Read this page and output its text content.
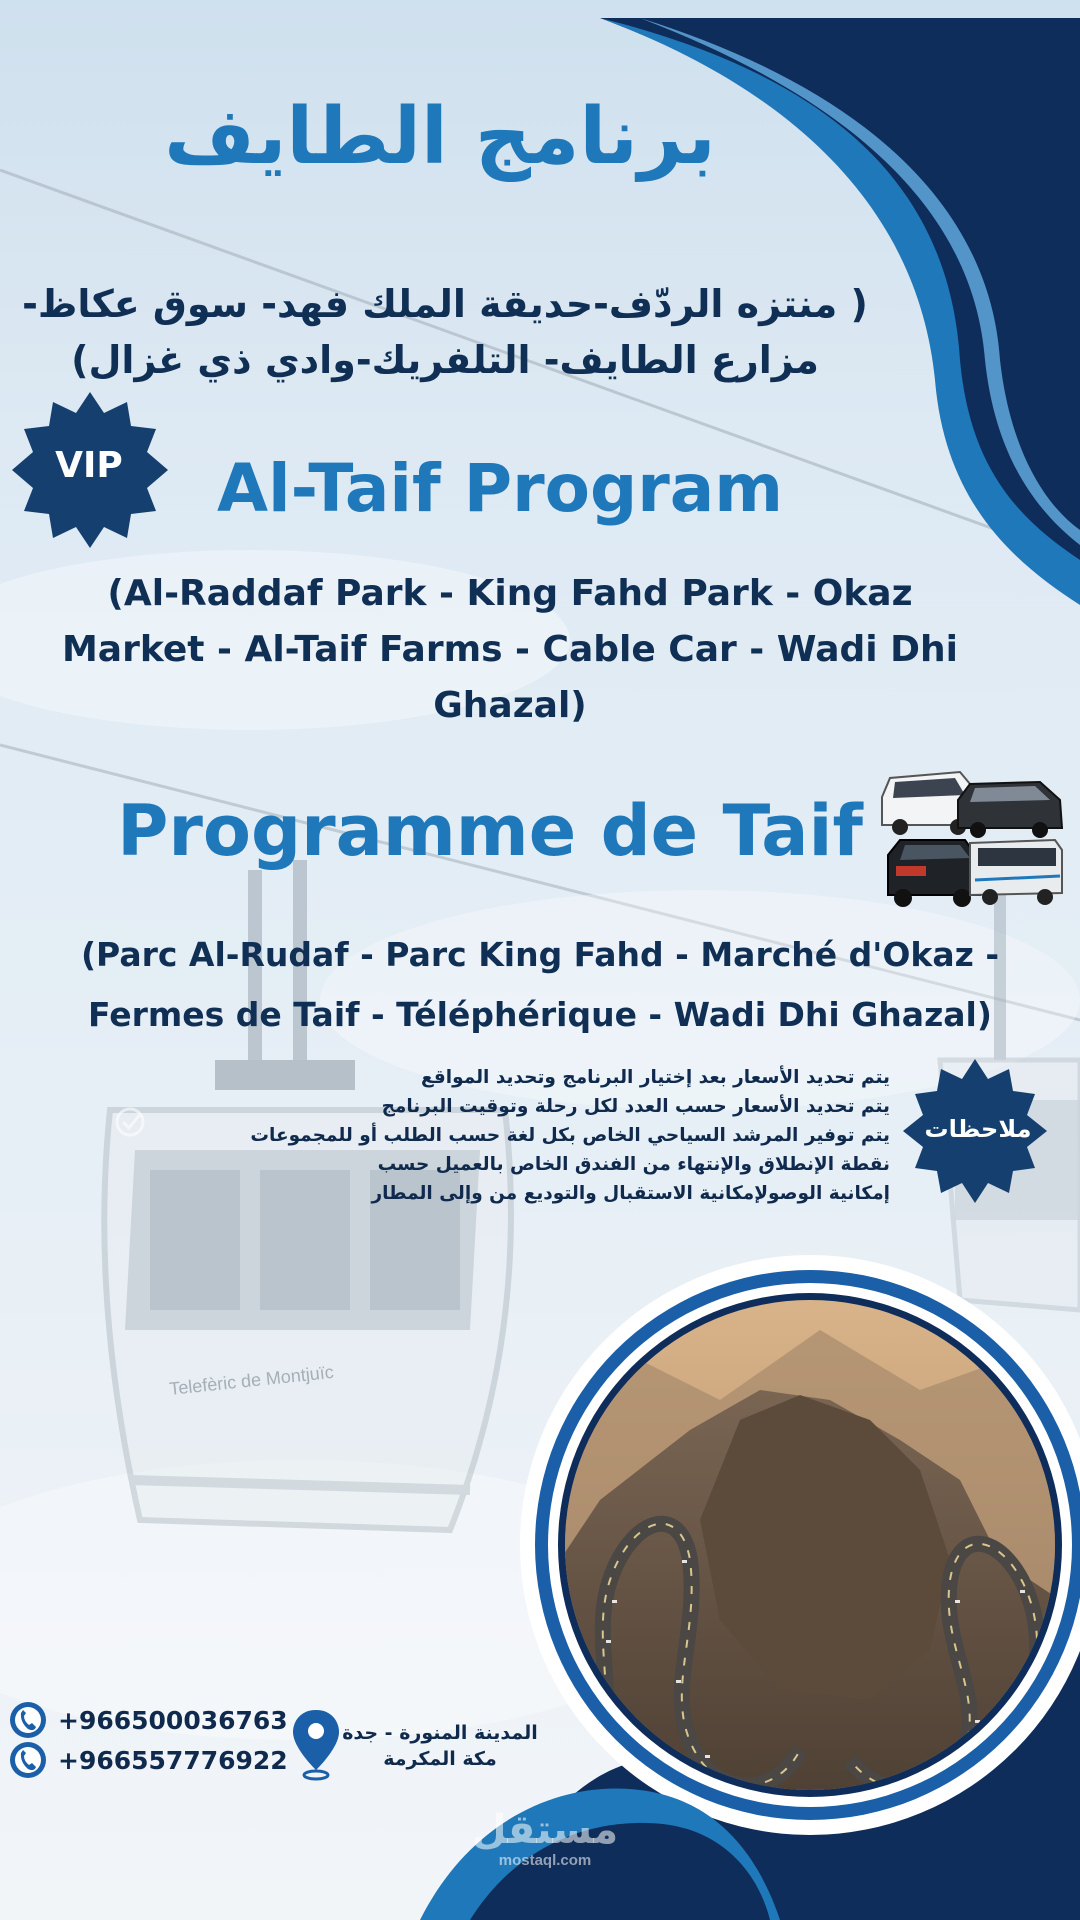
Telefèric de Montjuïc
برنامج الطايف
( منتزه الردّف-حديقة الملك فهد- سوق عكاظ-
مزارع الطايف- التلفريك-وادي ذي غزال)
VIP	Al-Taif Program
(Al-Raddaf Park - King Fahd Park - Okaz
Market - Al-Taif Farms - Cable Car - Wadi Dhi
Ghazal)
Programme de Taif
(Parc Al-Rudaf - Parc King Fahd - Marché d'Okaz -
Fermes de Taif - Téléphérique - Wadi Dhi Ghazal)
ملاحظات
يتم تحديد الأسعار بعد إختيار البرنامج وتحديد المواقع
يتم تحديد الأسعار حسب العدد لكل رحلة وتوقيت البرنامج
يتم توفير المرشد السياحي الخاص بكل لغة حسب الطلب أو للمجموعات
نقطة الإنطلاق والإنتهاء من الفندق الخاص بالعميل حسب
إمكانية الوصولإمكانية الاستقبال والتوديع من وإلى المطار
+966500036763
+966557776922
المدينة المنورة - جدة
مكة المكرمة
مستقل
mostaql.com
